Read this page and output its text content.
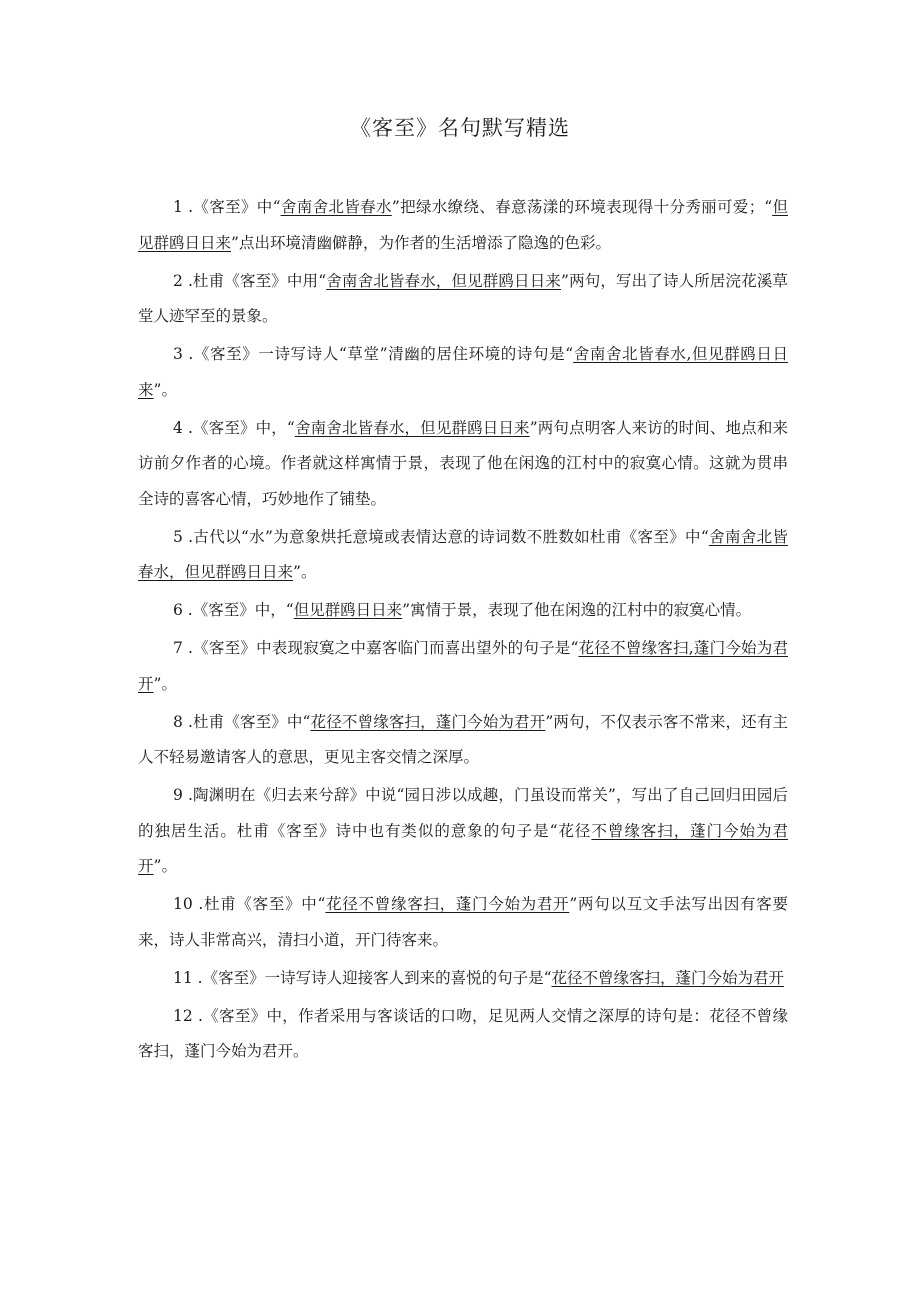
《客至》名句默写精选

1 .《客至》中“舍南舍北皆春水”把绿水缭绕、春意荡漾的环境表现得十分秀丽可爱；“但见群鸥日日来”点出环境清幽僻静，为作者的生活增添了隐逸的色彩。

2 .杜甫《客至》中用“舍南舍北皆春水，但见群鸥日日来”两句，写出了诗人所居浣花溪草堂人迹罕至的景象。

3 .《客至》一诗写诗人“草堂”清幽的居住环境的诗句是“舍南舍北皆春水,但见群鸥日日来”。

4 .《客至》中，“舍南舍北皆春水，但见群鸥日日来”两句点明客人来访的时间、地点和来访前夕作者的心境。作者就这样寓情于景，表现了他在闲逸的江村中的寂寞心情。这就为贯串全诗的喜客心情，巧妙地作了铺垫。

5 .古代以“水”为意象烘托意境或表情达意的诗词数不胜数如杜甫《客至》中“舍南舍北皆春水，但见群鸥日日来”。

6 .《客至》中，“但见群鸥日日来”寓情于景，表现了他在闲逸的江村中的寂寞心情。

7 .《客至》中表现寂寞之中嘉客临门而喜出望外的句子是“花径不曾缘客扫,蓬门今始为君开”。

8 .杜甫《客至》中“花径不曾缘客扫，蓬门今始为君开”两句，不仅表示客不常来，还有主人不轻易邀请客人的意思，更见主客交情之深厚。

9 .陶渊明在《归去来兮辞》中说“园日涉以成趣，门虽设而常关”，写出了自己回归田园后的独居生活。杜甫《客至》诗中也有类似的意象的句子是“花径不曾缘客扫，蓬门今始为君开”。

10 .杜甫《客至》中“花径不曾缘客扫，蓬门今始为君开”两句以互文手法写出因有客要来，诗人非常高兴，清扫小道，开门待客来。

11 .《客至》一诗写诗人迎接客人到来的喜悦的句子是“花径不曾缘客扫，蓬门今始为君开

12 .《客至》中，作者采用与客谈话的口吻，足见两人交情之深厚的诗句是：花径不曾缘客扫，蓬门今始为君开。
